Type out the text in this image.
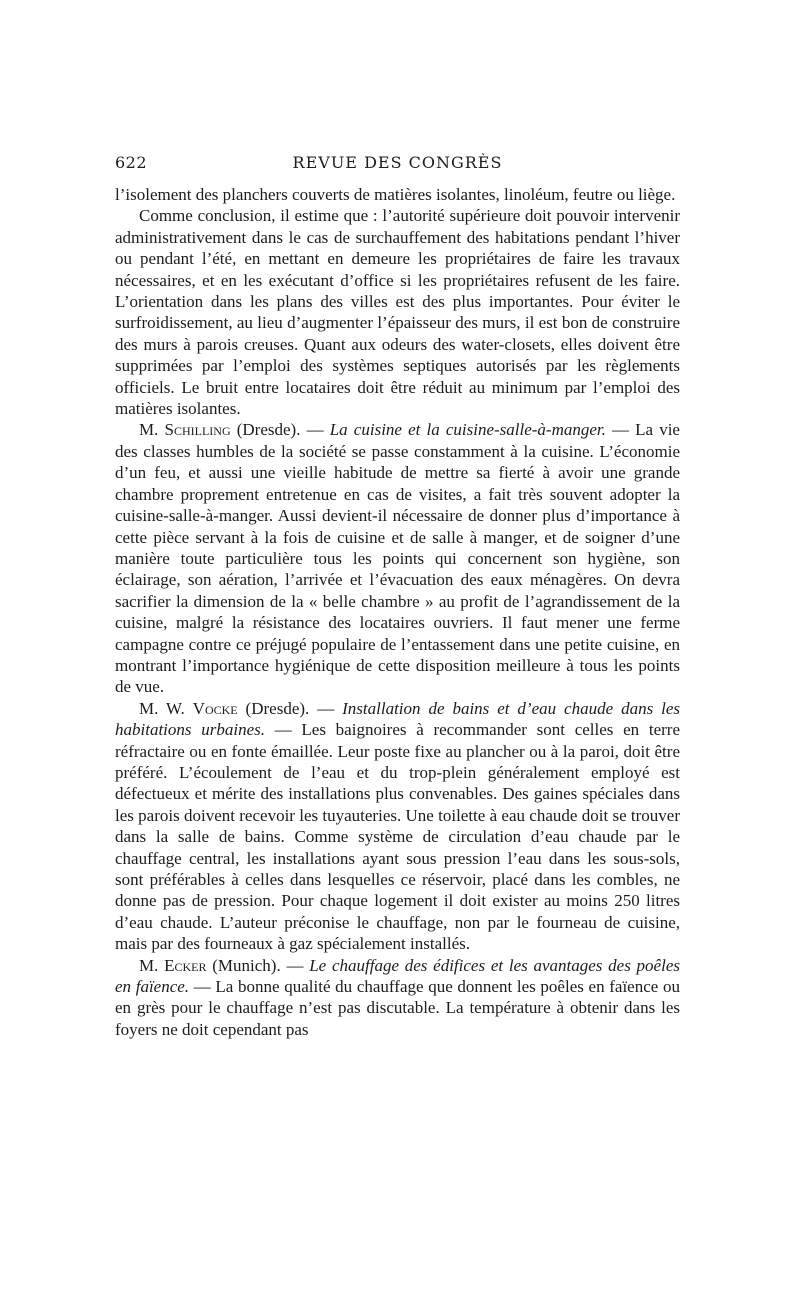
622	REVUE DES CONGRÈS

l’isolement des planchers couverts de matières isolantes, linoléum, feutre ou liège.

Comme conclusion, il estime que : l’autorité supérieure doit pouvoir intervenir administrativement dans le cas de surchauffement des habitations pendant l’hiver ou pendant l’été, en mettant en demeure les propriétaires de faire les travaux nécessaires, et en les exécutant d’office si les propriétaires refusent de les faire. L’orientation dans les plans des villes est des plus importantes. Pour éviter le surfroidissement, au lieu d’augmenter l’épaisseur des murs, il est bon de construire des murs à parois creuses. Quant aux odeurs des water-closets, elles doivent être supprimées par l’emploi des systèmes septiques autorisés par les règlements officiels. Le bruit entre locataires doit être réduit au minimum par l’emploi des matières isolantes.

M. Schilling (Dresde). — La cuisine et la cuisine-salle-à-manger. — La vie des classes humbles de la société se passe constamment à la cuisine. L’économie d’un feu, et aussi une vieille habitude de mettre sa fierté à avoir une grande chambre proprement entretenue en cas de visites, a fait très souvent adopter la cuisine-salle-à-manger. Aussi devient-il nécessaire de donner plus d’importance à cette pièce servant à la fois de cuisine et de salle à manger, et de soigner d’une manière toute particulière tous les points qui concernent son hygiène, son éclairage, son aération, l’arrivée et l’évacuation des eaux ménagères. On devra sacrifier la dimension de la « belle chambre » au profit de l’agrandissement de la cuisine, malgré la résistance des locataires ouvriers. Il faut mener une ferme campagne contre ce préjugé populaire de l’entassement dans une petite cuisine, en montrant l’importance hygiénique de cette disposition meilleure à tous les points de vue.

M. W. Vocke (Dresde). — Installation de bains et d’eau chaude dans les habitations urbaines. — Les baignoires à recommander sont celles en terre réfractaire ou en fonte émaillée. Leur poste fixe au plancher ou à la paroi, doit être préféré. L’écoulement de l’eau et du trop-plein généralement employé est défectueux et mérite des installations plus convenables. Des gaines spéciales dans les parois doivent recevoir les tuyauteries. Une toilette à eau chaude doit se trouver dans la salle de bains. Comme système de circulation d’eau chaude par le chauffage central, les installations ayant sous pression l’eau dans les sous-sols, sont préférables à celles dans lesquelles ce réservoir, placé dans les combles, ne donne pas de pression. Pour chaque logement il doit exister au moins 250 litres d’eau chaude. L’auteur préconise le chauffage, non par le fourneau de cuisine, mais par des fourneaux à gaz spécialement installés.

M. Ecker (Munich). — Le chauffage des édifices et les avantages des poêles en faïence. — La bonne qualité du chauffage que donnent les poêles en faïence ou en grès pour le chauffage n’est pas discutable. La température à obtenir dans les foyers ne doit cependant pas
